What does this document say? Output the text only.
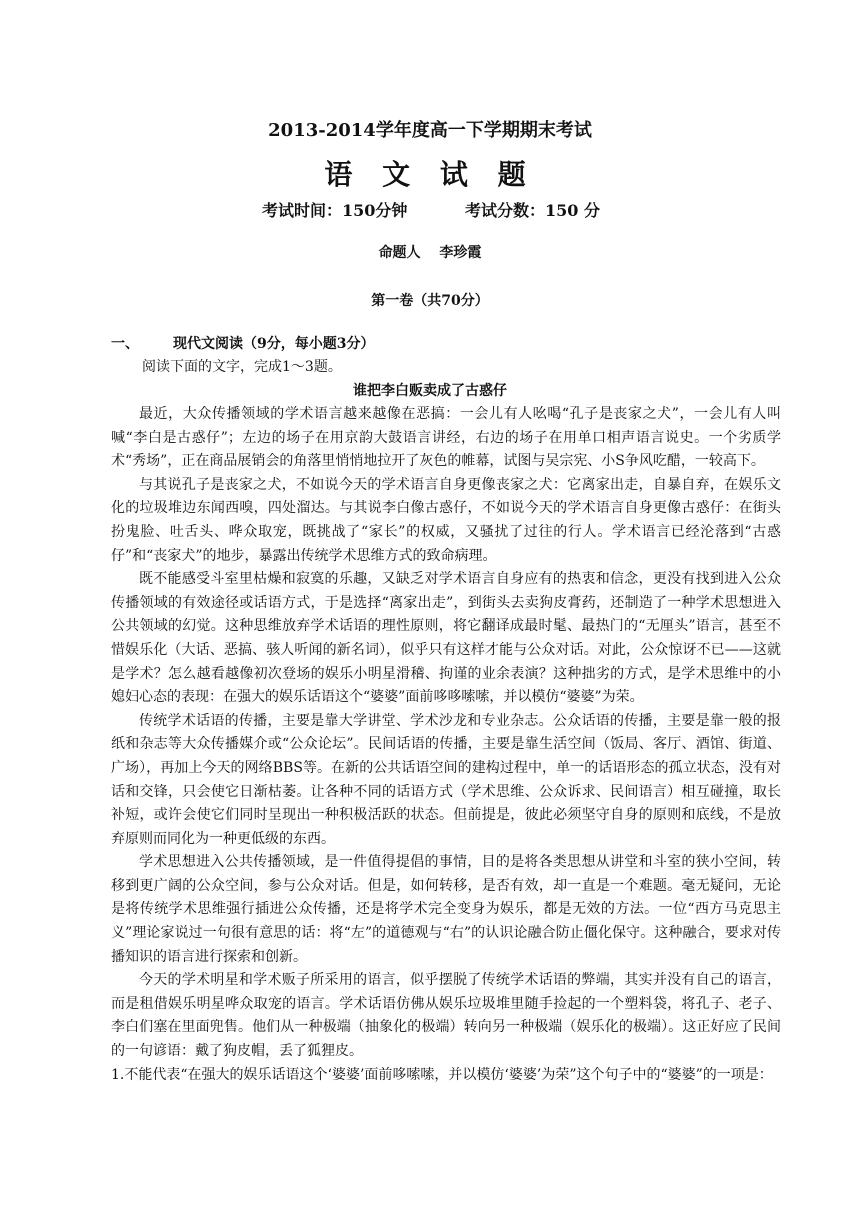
2013-2014学年度高一下学期期末考试
语 文 试 题
考试时间：150分钟	考试分数：150 分
命题人　 李珍霞
第一卷（共70分）
一、 现代文阅读（9分，每小题3分）
阅读下面的文字，完成1～3题。
谁把李白贩卖成了古惑仔

最近，大众传播领域的学术语言越来越像在恶搞：一会儿有人吆喝“孔子是丧家之犬”，一会儿有人叫喊“李白是古惑仔”；左边的场子在用京韵大鼓语言讲经，右边的场子在用单口相声语言说史。一个劣质学术“秀场”，正在商品展销会的角落里悄悄地拉开了灰色的帷幕，试图与吴宗宪、小S争风吃醋，一较高下。

与其说孔子是丧家之犬，不如说今天的学术语言自身更像丧家之犬：它离家出走，自暴自弃，在娱乐文化的垃圾堆边东闻西嗅，四处溜达。与其说李白像古惑仔，不如说今天的学术语言自身更像古惑仔：在街头扮鬼脸、吐舌头、哗众取宠，既挑战了“家长”的权威，又骚扰了过往的行人。学术语言已经沦落到“古惑仔”和“丧家犬”的地步，暴露出传统学术思维方式的致命病理。

既不能感受斗室里枯燥和寂寞的乐趣，又缺乏对学术语言自身应有的热衷和信念，更没有找到进入公众传播领域的有效途径或话语方式，于是选择“离家出走”，到街头去卖狗皮膏药，还制造了一种学术思想进入公共领域的幻觉。这种思维放弃学术话语的理性原则，将它翻译成最时髦、最热门的“无厘头”语言，甚至不惜娱乐化（大话、恶搞、骇人听闻的新名词），似乎只有这样才能与公众对话。对此，公众惊讶不已——这就是学术？怎么越看越像初次登场的娱乐小明星滑稽、拘谨的业余表演？这种拙劣的方式，是学术思维中的小媳妇心态的表现：在强大的娱乐话语这个“婆婆”面前哆哆嗦嗦，并以模仿“婆婆”为荣。

传统学术话语的传播，主要是靠大学讲堂、学术沙龙和专业杂志。公众话语的传播，主要是靠一般的报纸和杂志等大众传播媒介或“公众论坛”。民间话语的传播，主要是靠生活空间（饭局、客厅、酒馆、街道、广场），再加上今天的网络BBS等。在新的公共话语空间的建构过程中，单一的话语形态的孤立状态，没有对话和交锋，只会使它日渐枯萎。让各种不同的话语方式（学术思维、公众诉求、民间语言）相互碰撞，取长补短，或许会使它们同时呈现出一种积极活跃的状态。但前提是，彼此必须坚守自身的原则和底线，不是放弃原则而同化为一种更低级的东西。

学术思想进入公共传播领域，是一件值得提倡的事情，目的是将各类思想从讲堂和斗室的狭小空间，转移到更广阔的公众空间，参与公众对话。但是，如何转移，是否有效，却一直是一个难题。毫无疑问，无论是将传统学术思维强行插进公众传播，还是将学术完全变身为娱乐，都是无效的方法。一位“西方马克思主义”理论家说过一句很有意思的话：将“左”的道德观与“右”的认识论融合防止僵化保守。这种融合，要求对传播知识的语言进行探索和创新。

今天的学术明星和学术贩子所采用的语言，似乎摆脱了传统学术话语的弊端，其实并没有自己的语言，而是租借娱乐明星哗众取宠的语言。学术话语仿佛从娱乐垃圾堆里随手捡起的一个塑料袋，将孔子、老子、李白们塞在里面兜售。他们从一种极端（抽象化的极端）转向另一种极端（娱乐化的极端）。这正好应了民间的一句谚语：戴了狗皮帽，丢了狐狸皮。

1.不能代表“在强大的娱乐话语这个‘婆婆’面前哆嗦嗦，并以模仿‘婆婆’为荣”这个句子中的“婆婆”的一项是：
